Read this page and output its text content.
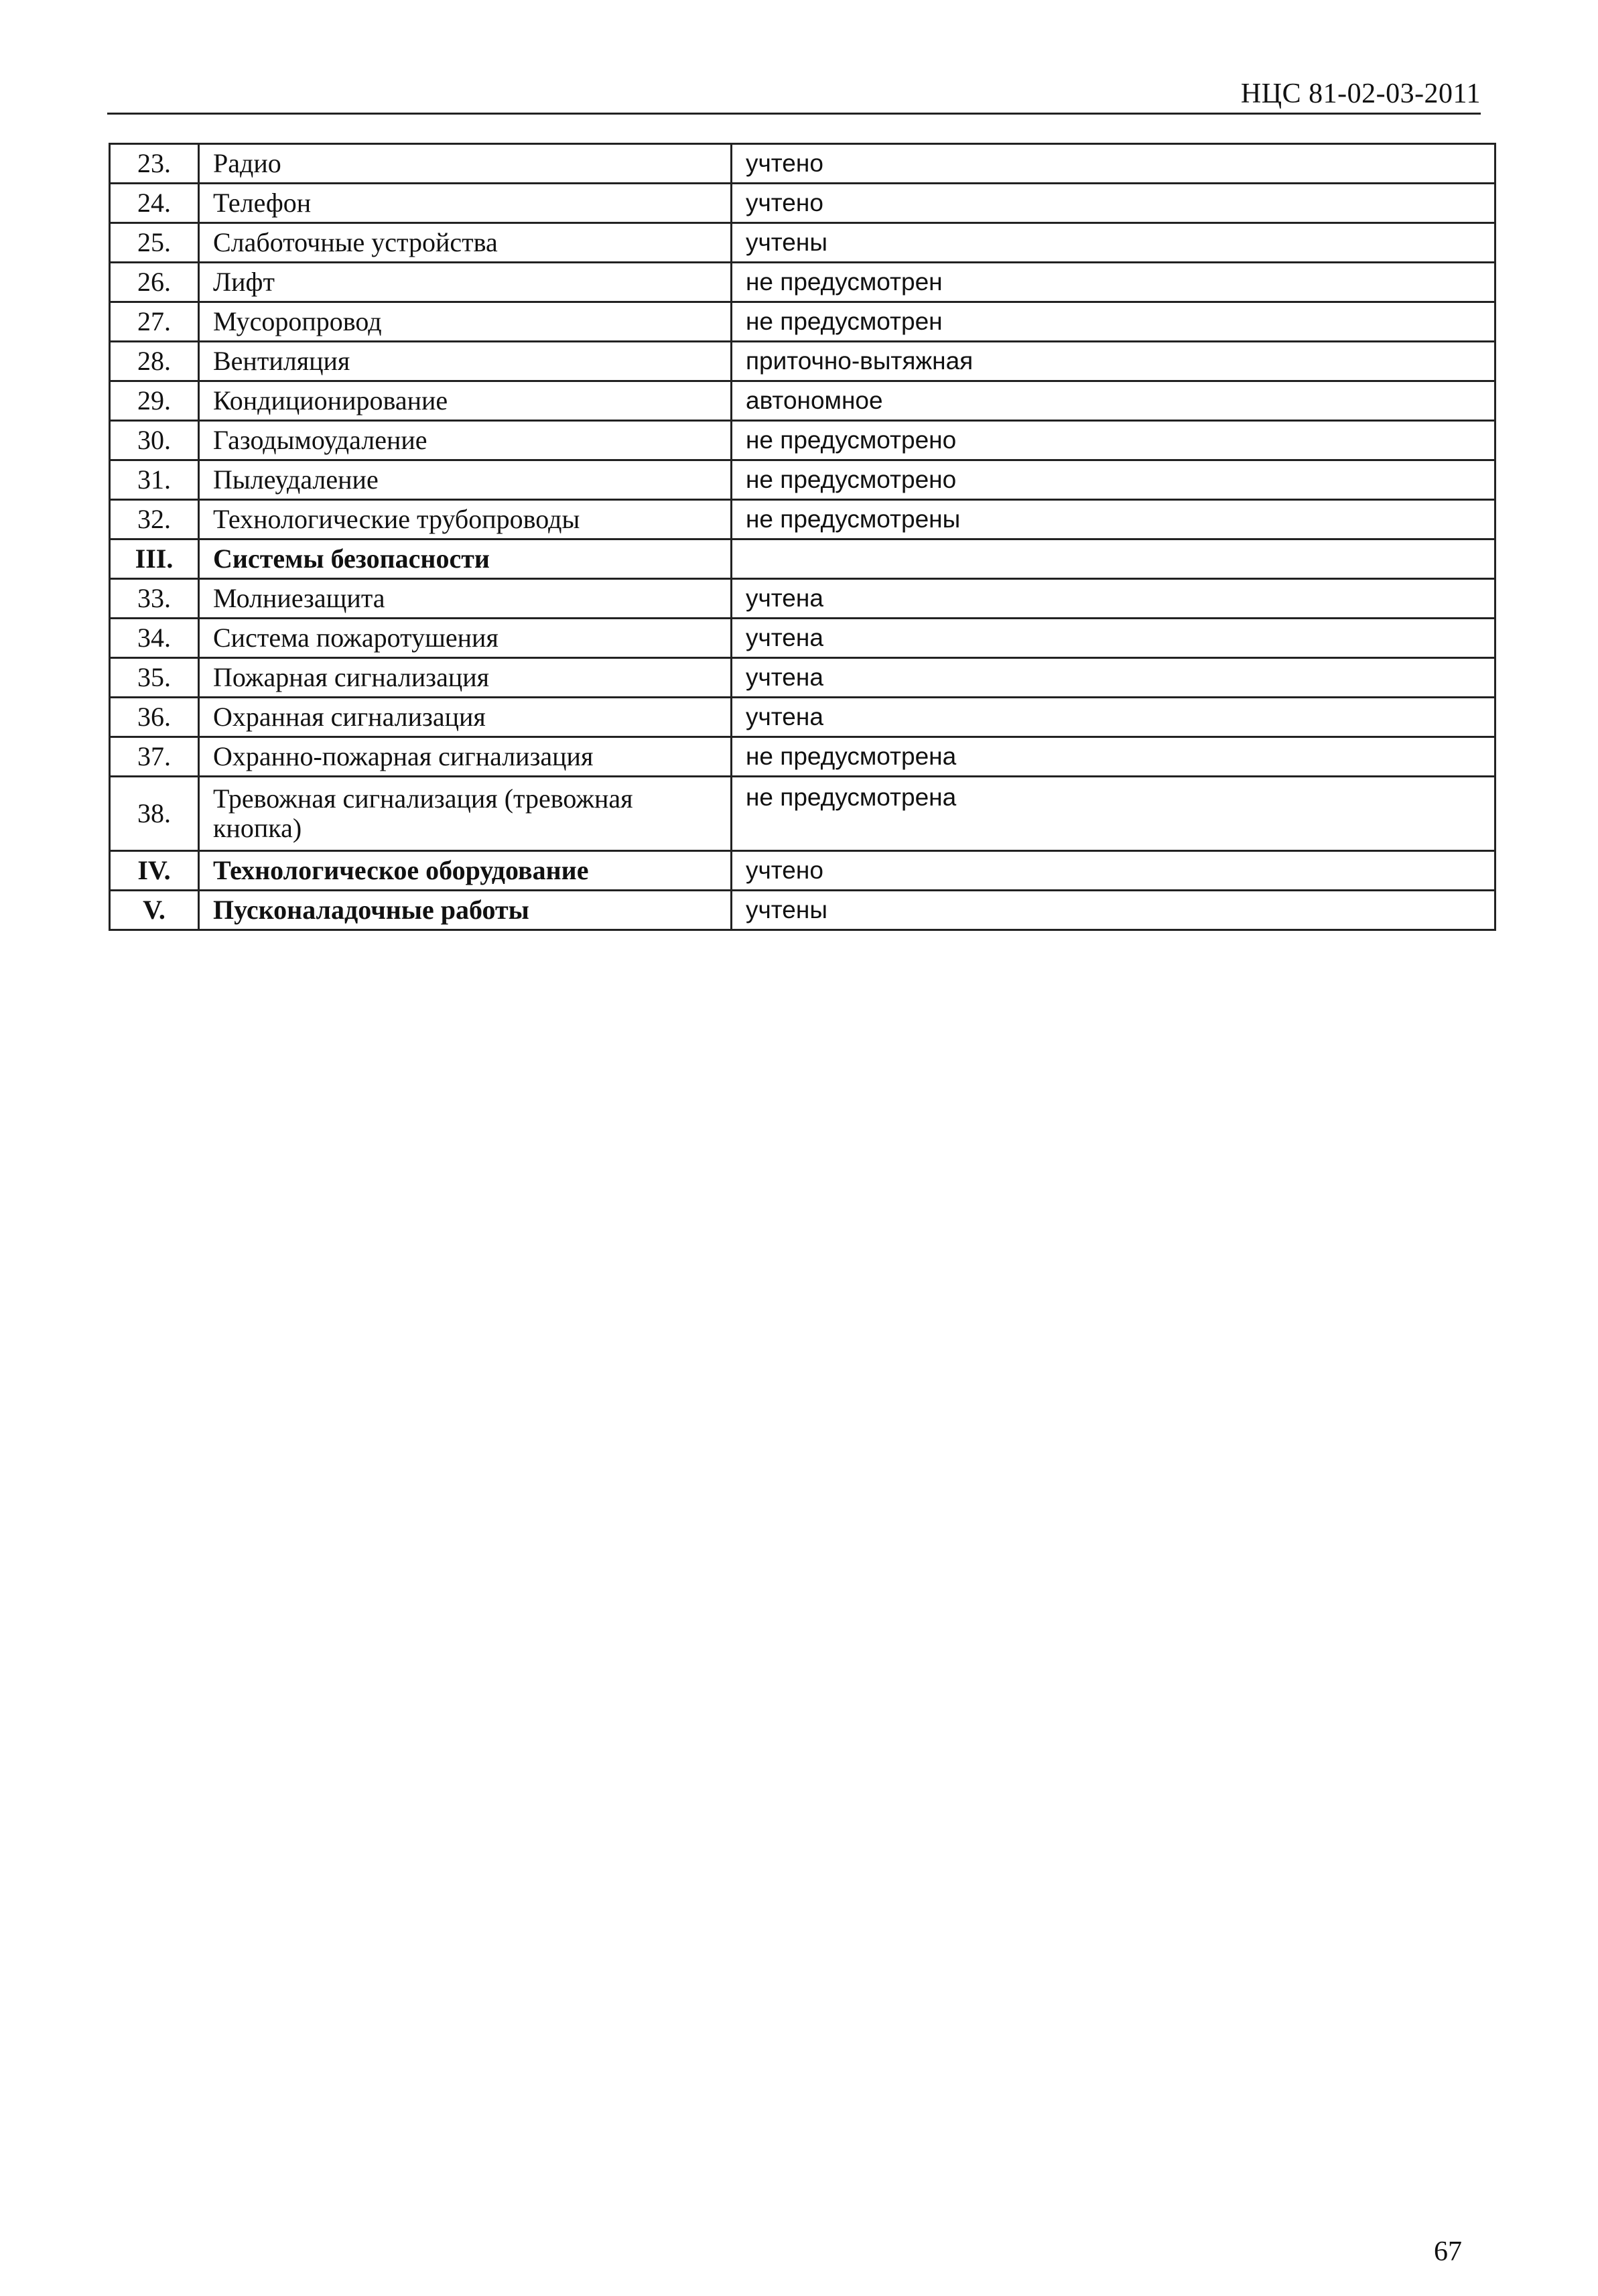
НЦС 81-02-03-2011
23.	Радио	учтено
24.	Телефон	учтено
25.	Слаботочные устройства	учтены
26.	Лифт	не предусмотрен
27.	Мусоропровод	не предусмотрен
28.	Вентиляция	приточно-вытяжная
29.	Кондиционирование	автономное
30.	Газодымоудаление	не предусмотрено
31.	Пылеудаление	не предусмотрено
32.	Технологические трубопроводы	не предусмотрены
III.	Системы безопасности	
33.	Молниезащита	учтена
34.	Система пожаротушения	учтена
35.	Пожарная сигнализация	учтена
36.	Охранная сигнализация	учтена
37.	Охранно-пожарная сигнализация	не предусмотрена
38.	Тревожная сигнализация (тревожная кнопка)	не предусмотрена
IV.	Технологическое оборудование	учтено
V.	Пусконаладочные работы	учтены
67
